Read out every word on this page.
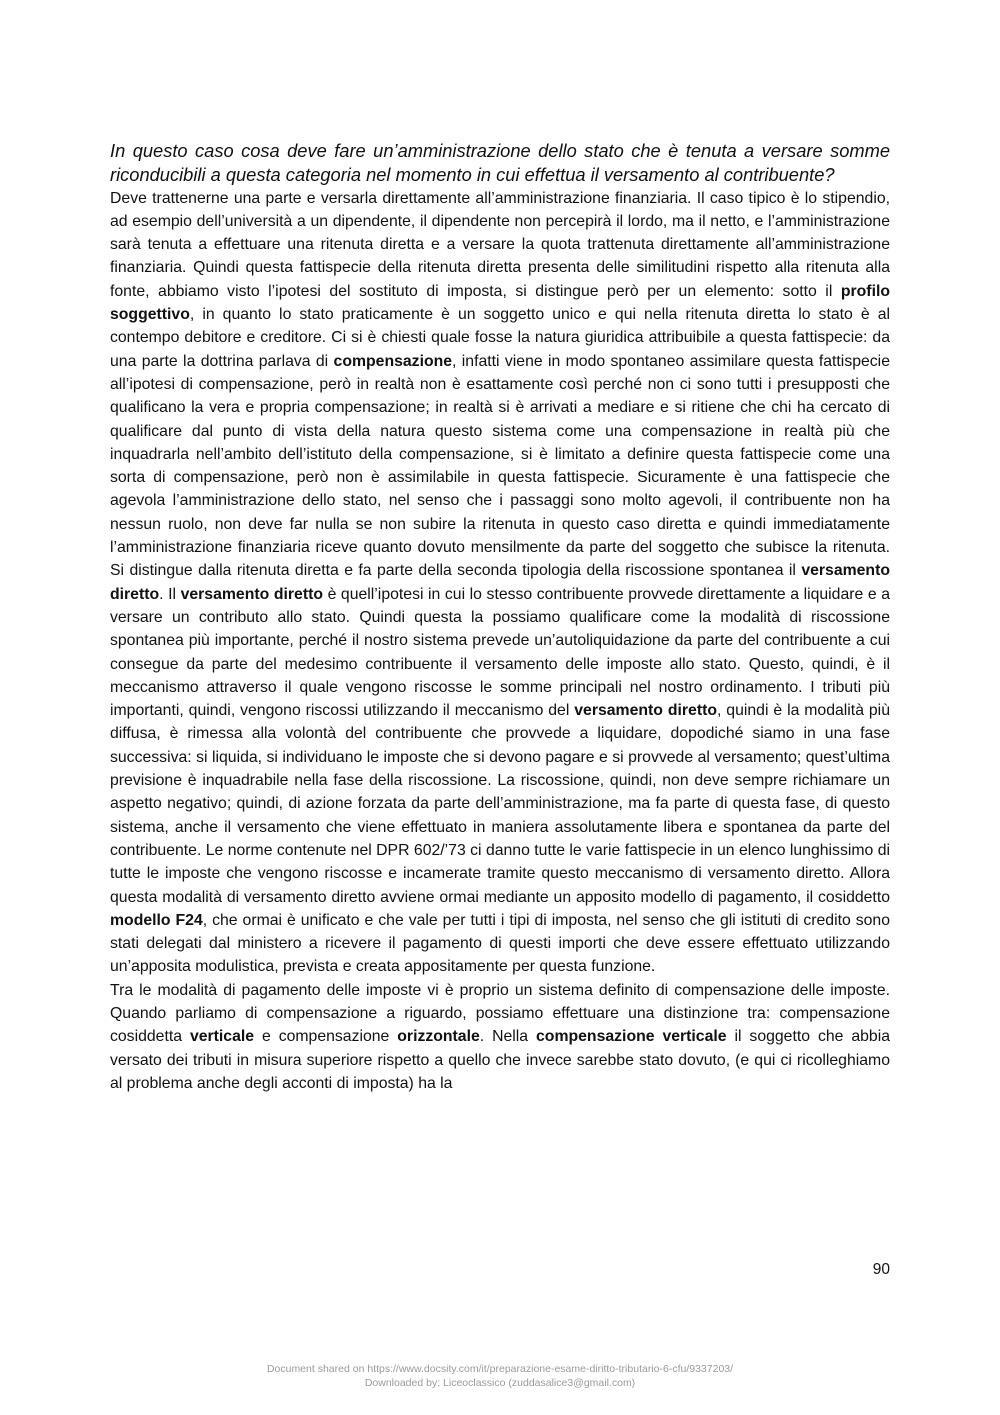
In questo caso cosa deve fare un’amministrazione dello stato che è tenuta a versare somme riconducibili a questa categoria nel momento in cui effettua il versamento al contribuente?

Deve trattenerne una parte e versarla direttamente all’amministrazione finanziaria. Il caso tipico è lo stipendio, ad esempio dell’università a un dipendente, il dipendente non percepirà il lordo, ma il netto, e l’amministrazione sarà tenuta a effettuare una ritenuta diretta e a versare la quota trattenuta direttamente all’amministrazione finanziaria. Quindi questa fattispecie della ritenuta diretta presenta delle similitudini rispetto alla ritenuta alla fonte, abbiamo visto l’ipotesi del sostituto di imposta, si distingue però per un elemento: sotto il profilo soggettivo, in quanto lo stato praticamente è un soggetto unico e qui nella ritenuta diretta lo stato è al contempo debitore e creditore. Ci si è chiesti quale fosse la natura giuridica attribuibile a questa fattispecie: da una parte la dottrina parlava di compensazione, infatti viene in modo spontaneo assimilare questa fattispecie all’ipotesi di compensazione, però in realtà non è esattamente così perché non ci sono tutti i presupposti che qualificano la vera e propria compensazione; in realtà si è arrivati a mediare e si ritiene che chi ha cercato di qualificare dal punto di vista della natura questo sistema come una compensazione in realtà più che inquadrarla nell’ambito dell’istituto della compensazione, si è limitato a definire questa fattispecie come una sorta di compensazione, però non è assimilabile in questa fattispecie. Sicuramente è una fattispecie che agevola l’amministrazione dello stato, nel senso che i passaggi sono molto agevoli, il contribuente non ha nessun ruolo, non deve far nulla se non subire la ritenuta in questo caso diretta e quindi immediatamente l’amministrazione finanziaria riceve quanto dovuto mensilmente da parte del soggetto che subisce la ritenuta. Si distingue dalla ritenuta diretta e fa parte della seconda tipologia della riscossione spontanea il versamento diretto. Il versamento diretto è quell’ipotesi in cui lo stesso contribuente provvede direttamente a liquidare e a versare un contributo allo stato. Quindi questa la possiamo qualificare come la modalità di riscossione spontanea più importante, perché il nostro sistema prevede un’autoliquidazione da parte del contribuente a cui consegue da parte del medesimo contribuente il versamento delle imposte allo stato. Questo, quindi, è il meccanismo attraverso il quale vengono riscosse le somme principali nel nostro ordinamento. I tributi più importanti, quindi, vengono riscossi utilizzando il meccanismo del versamento diretto, quindi è la modalità più diffusa, è rimessa alla volontà del contribuente che provvede a liquidare, dopodiché siamo in una fase successiva: si liquida, si individuano le imposte che si devono pagare e si provvede al versamento; quest’ultima previsione è inquadrabile nella fase della riscossione. La riscossione, quindi, non deve sempre richiamare un aspetto negativo; quindi, di azione forzata da parte dell’amministrazione, ma fa parte di questa fase, di questo sistema, anche il versamento che viene effettuato in maniera assolutamente libera e spontanea da parte del contribuente. Le norme contenute nel DPR 602/’73 ci danno tutte le varie fattispecie in un elenco lunghissimo di tutte le imposte che vengono riscosse e incamerate tramite questo meccanismo di versamento diretto. Allora questa modalità di versamento diretto avviene ormai mediante un apposito modello di pagamento, il cosiddetto modello F24, che ormai è unificato e che vale per tutti i tipi di imposta, nel senso che gli istituti di credito sono stati delegati dal ministero a ricevere il pagamento di questi importi che deve essere effettuato utilizzando un’apposita modulistica, prevista e creata appositamente per questa funzione.

Tra le modalità di pagamento delle imposte vi è proprio un sistema definito di compensazione delle imposte. Quando parliamo di compensazione a riguardo, possiamo effettuare una distinzione tra: compensazione cosiddetta verticale e compensazione orizzontale. Nella compensazione verticale il soggetto che abbia versato dei tributi in misura superiore rispetto a quello che invece sarebbe stato dovuto, (e qui ci ricolleghiamo al problema anche degli acconti di imposta) ha la

90
Document shared on https://www.docsity.com/it/preparazione-esame-diritto-tributario-6-cfu/9337203/
Downloaded by: Liceoclassico (zuddasalice3@gmail.com)
